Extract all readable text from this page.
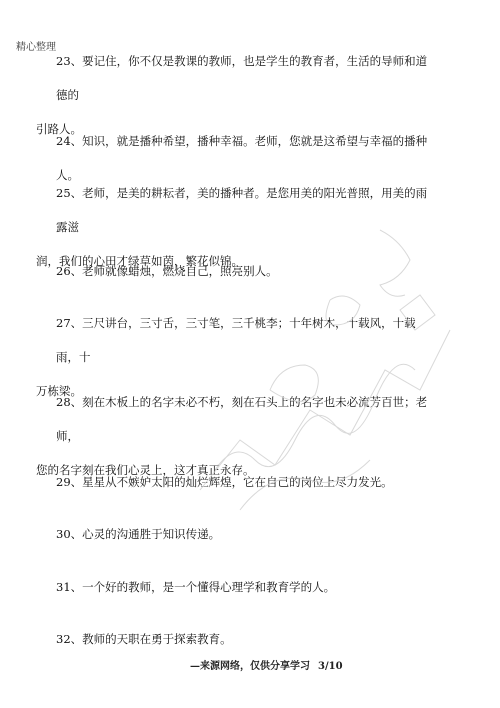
精心整理
23、要记住，你不仅是教课的教师，也是学生的教育者，生活的导师和道德的
引路人。
24、知识，就是播种希望，播种幸福。老师，您就是这希望与幸福的播种人。
25、老师，是美的耕耘者，美的播种者。是您用美的阳光普照，用美的雨露滋
润，我们的心田才绿草如茵，繁花似锦。
26、老师就像蜡烛，燃烧自己，照亮别人。
27、三尺讲台，三寸舌，三寸笔，三千桃李；十年树木，十载风，十载雨，十
万栋梁。
28、刻在木板上的名字未必不朽，刻在石头上的名字也未必流芳百世；老师，
您的名字刻在我们心灵上，这才真正永存。
29、星星从不嫉妒太阳的灿烂辉煌，它在自己的岗位上尽力发光。
30、心灵的沟通胜于知识传递。
31、一个好的教师，是一个懂得心理学和教育学的人。
32、教师的天职在勇于探索教育。
—来源网络，仅供分享学习 3/10
